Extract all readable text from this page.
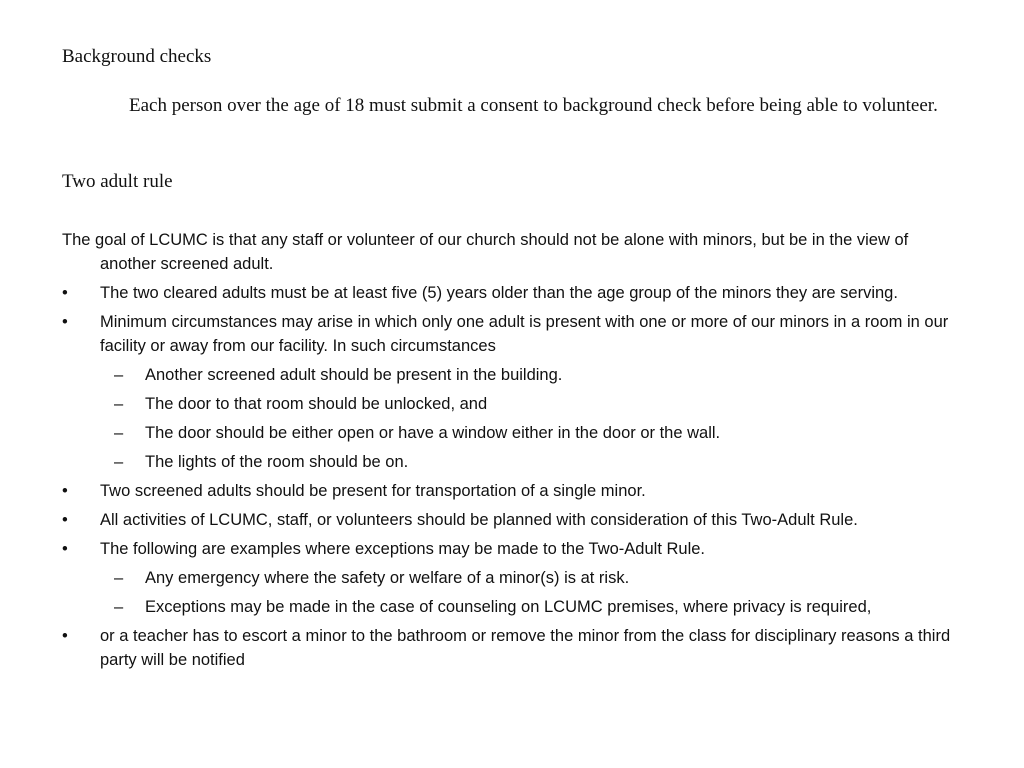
Background checks
Each person over the age of 18 must submit a consent to background check before being able to volunteer.
Two adult rule

The goal of LCUMC is that any staff or volunteer of our church should not be alone with minors, but be in the view of another screened adult.

•	The two cleared adults must be at least five (5) years older than the age group of the minors they are serving.
•	Minimum circumstances may arise in which only one adult is present with one or more of our minors in a room in our facility or away from our facility. In such circumstances
– Another screened adult should be present in the building.
– The door to that room should be unlocked, and
– The door should be either open or have a window either in the door or the wall.
– The lights of the room should be on.
•	Two screened adults should be present for transportation of a single minor.
•	All activities of LCUMC, staff, or volunteers should be planned with consideration of this Two-Adult Rule.
•	The following are examples where exceptions may be made to the Two-Adult Rule.
– Any emergency where the safety or welfare of a minor(s) is at risk.
– Exceptions may be made in the case of counseling on LCUMC premises, where privacy is required,
•	or a teacher has to escort a minor to the bathroom or remove the minor from the class for disciplinary reasons a third party will be notified
